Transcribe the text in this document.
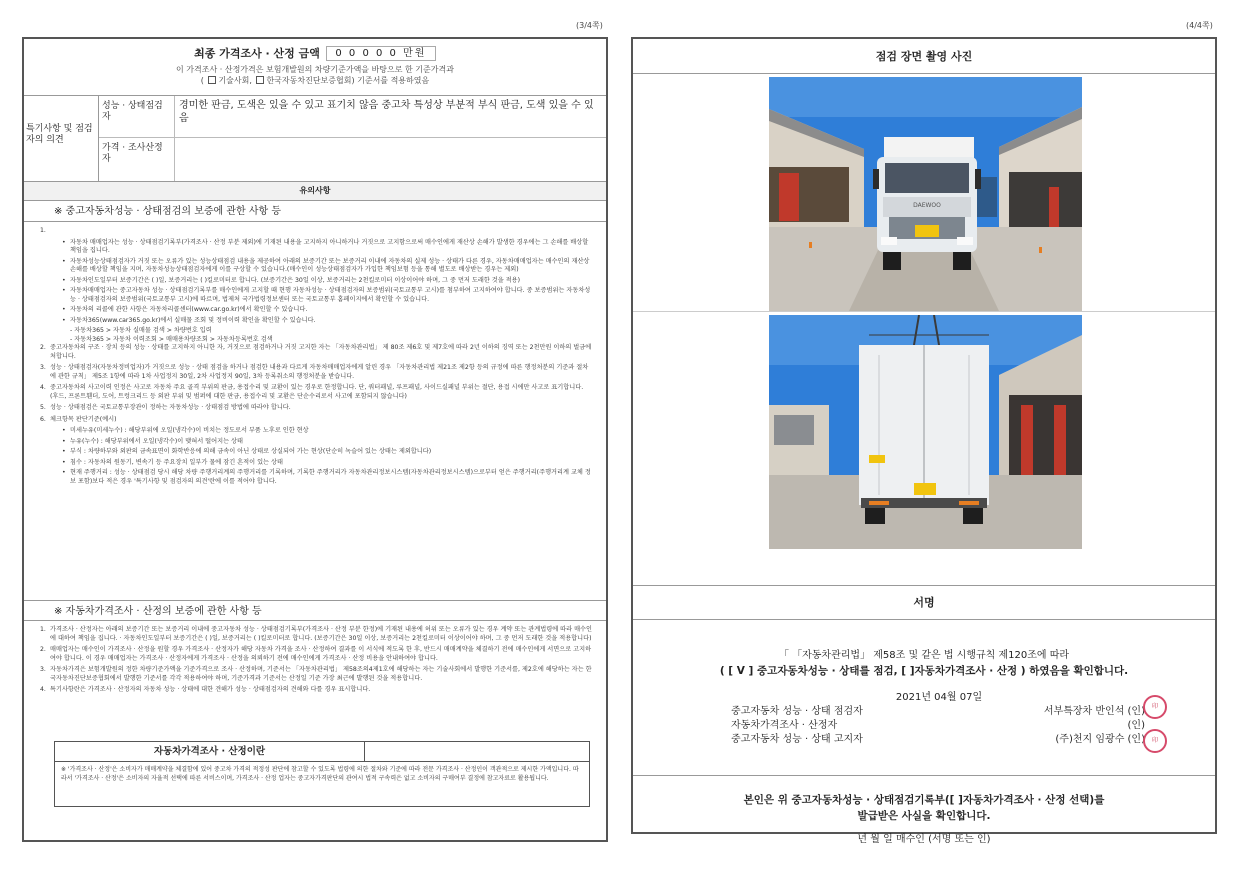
(3/4쪽)	(4/4쪽)
최종 가격조사 · 산정 금액	0 0 0 0 0 만원
이 가격조사 · 산정가격은 보험개발원의 차량기준가액을 바탕으로 한 기준가격과
( 기술사회, 한국자동차진단보증협회) 기준서를 적용하였음
특기사항 및 점검자의 의견
성능 · 상태점검자
경미한 판금, 도색은 있을 수 있고 표기치 않음 중고차 특성상 부분적 부식 판금, 도색 있을 수 있음
가격 · 조사산정자
유의사항
※ 중고자동차성능 · 상태점검의 보증에 관한 사항 등
1.
• 자동차 매매업자는 성능 · 상태점검기록부(가격조사 · 산정 부분 제외)에 기재된 내용을 고지하지 아니하거나 거짓으로 고지함으로써 매수인에게 재산상 손해가 발생한 경우에는 그 손해를 배상할 책임을 집니다.
• 자동차성능상태점검자가 거짓 또는 오류가 있는 성능상태점검 내용을 제공하여 아래의 보증기간 또는 보증거리 이내에 자동차의 실제 성능 · 상태가 다른 경우, 자동차매매업자는 매수인의 재산상 손해를 배상할 책임을 지며, 자동차성능상태점검자에게 이를 구상할 수 있습니다.(매수인이 성능상태점검자가 가입한 책임보험 등을 통해 별도로 배상받는 경우는 제외)
• 자동차인도일부터 보증기간은 ( )일, 보증거리는 ( )킬로미터로 합니다. (보증기간은 30일 이상, 보증거리는 2천킬로미터 이상이어야 하며, 그 중 먼저 도래한 것을 적용)
• 자동차매매업자는 중고자동차 성능 · 상태점검기록부를 매수인에게 고지할 때 현행 자동차성능 · 상태점검자의 보증범위(국토교통부 고시)를 첨부하여 고지하여야 합니다. 중 보증범위는 자동차성능 · 상태점검자의 보증범위(국토교통부 고시)에 따르며, 법제처 국가법령정보센터 또는 국토교통부 홈페이지에서 확인할 수 있습니다.
• 자동차의 리콜에 관한 사항은 자동차리콜센터(www.car.go.kr)에서 확인할 수 있습니다.
• 자동차365(www.car365.go.kr)에서 실매물 조회 및 정비이력 확인을 확인할 수 있습니다.
- 자동차365 > 자동차 실매물 검색 > 차량번호 입력
- 자동차365 > 자동차 이력조회 > 매매용차량조회 > 자동차등록번호 검색
2. 중고자동차의 구조 · 장치 등의 성능 · 상태를 고지하지 아니한 자, 거짓으로 점검하거나 거짓 고지한 자는 「자동차관리법」 제 80조 제6호 및 제7호에 따라 2년 이하의 징역 또는 2천만원 이하의 벌금에 처합니다.
3. 성능 · 상태점검자(자동차정비업자)가 거짓으로 성능 · 상태 점검을 하거나 점검한 내용과 다르게 자동차매매업자에게 알린 경우 「자동차관리법 제21조 제2항 등의 규정에 따른 행정처분의 기준과 절차에 관한 규칙」 제5조 1항에 따라 1차 사업정지 30일, 2차 사업정지 90일, 3차 등록취소의 행정처분을 받습니다.
4. 중고자동차의 사고이력 인정은 사고로 자동차 주요 골격 부위의 판금, 용접수리 및 교환이 있는 경우로 한정합니다. 단, 쿼터패널, 루프패널, 사이드실패널 부위는 절단, 용접 시에만 사고로 표기합니다. (후드, 프론트휀더, 도어, 트렁크리드 등 외판 부위 및 범퍼에 대한 판금, 용접수리 및 교환은 단순수리로서 사고에 포함되지 않습니다)
5. 성능 · 상태점검은 국토교통부장관이 정하는 자동차성능 · 상태점검 방법에 따라야 합니다.
6. 체크항목 판단기준(예시)
• 미세누유(미세누수) : 해당부위에 오일(냉각수)이 비치는 정도로서 부품 노후로 인한 현상
• 누유(누수) : 해당부위에서 오일(냉각수)이 맺혀서 떨어지는 상태
• 부식 : 차량하부와 외판의 금속표면이 화학반응에 의해 금속이 아닌 상태로 상실되어 가는 현상(단순히 녹슬어 있는 상태는 제외합니다)
• 침수 : 자동차의 원동기, 변속기 등 주요장치 일부가 물에 잠긴 흔적이 있는 상태
• 현재 주행거리 : 성능 · 상태점검 당시 해당 차량 주행거리계의 주행거리를 기록하며, 기록한 주행거리가 자동차관리정보시스템(자동차관리정보시스템)으로부터 얻은 주행거리(주행거리계 교체 정보 포함)보다 적은 경우 '특기사항 및 점검자의 의견'란에 이를 적어야 합니다.
※ 자동차가격조사 · 산정의 보증에 관한 사항 등
1. 가격조사 · 산정자는 아래의 보증기간 또는 보증거리 이내에 중고자동차 성능 · 상태점검기록부(가격조사 · 산정 부분 한정)에 기재된 내용에 허위 또는 오류가 있는 경우 계약 또는 관계법령에 따라 매수인에 대하여 책임을 집니다. · 자동차인도일부터 보증기간은 ( )일, 보증거리는 ( )킬로미터로 합니다. (보증기간은 30일 이상, 보증거리는 2천킬로미터 이상이어야 하며, 그 중 먼저 도래한 것을 적용합니다)
2. 매매업자는 매수인이 가격조사 · 산정을 원할 경우 가격조사 · 산정자가 해당 자동차 가격을 조사 · 산정하여 결과를 이 서식에 적도록 한 후, 반드시 매매계약을 체결하기 전에 매수인에게 서면으로 고지하여야 합니다. 이 경우 매매업자는 가격조사 · 산정자에게 가격조사 · 산정을 의뢰하기 전에 매수인에게 가격조사 · 산정 비용을 안내하여야 합니다.
3. 자동차가격은 보험개발원의 정한 차량기준가액을 기준가격으로 조사 · 산정하며, 기준서는 「자동차관리법」 제58조의4제1호에 해당하는 자는 기술사회에서 발행한 기준서를, 제2호에 해당하는 자는 한국자동차진단보증협회에서 발행한 기준서를 각각 적용하여야 하며, 기준가격과 기준서는 산정일 기준 가장 최근에 발행된 것을 적용합니다.
4. 특기사항란은 가격조사 · 산정자의 자동차 성능 · 상태에 대한 견해가 성능 · 상태점검자의 견해와 다를 경우 표시합니다.
자동차가격조사 · 산정이란
※ '가격조사 · 산정'은 소비자가 매매계약을 체결함에 있어 중고차 가격의 적정성 판단에 참고할 수 있도록 법령에 의한 절차와 기준에 따라 전문 가격조사 · 산정인이 객관적으로 제시한 가액입니다. 따라서 '가격조사 · 산정'은 소비자의 자율적 선택에 따른 서비스이며, 가격조사 · 산정 업자는 중고자가격판단의 관여시 법적 구속력은 없고 소비자의 구매여부 결정에 참고자료로 활용됩니다.
점검 장면 촬영 사진
DAEWOO
서명
「 「자동차관리법」 제58조 및 같은 법 시행규칙 제120조에 따라
( [ V ] 중고자동차성능 · 상태를 점검, [ ]자동차가격조사 · 산정 ) 하였음을 확인합니다.
2021년 04월 07일
중고자동차 성능 · 상태 점검자	서부특장차 반인석 (인)	印
자동차가격조사 · 산정자	(인)
중고자동차 성능 · 상태 고지자	(주)천지 임광수 (인)	印
본인은 위 중고자동차성능 · 상태점검기록부([ ]자동차가격조사 · 산정 선택)를
발급받은 사실을 확인합니다.
년 월 일 매수인 (서명 또는 인)
